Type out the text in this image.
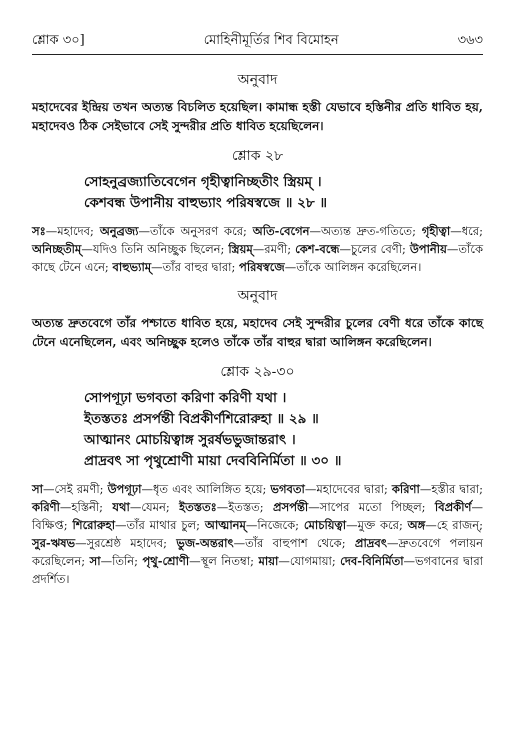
শ্লোক ৩০]	মোহিনীমূর্তির শিব বিমোহন	৩৬৩
অনুবাদ

মহাদেবের ইন্দ্রিয় তখন অত্যন্ত বিচলিত হয়েছিল। কামান্ধ হস্তী যেভাবে হস্তিনীর প্রতি ধাবিত হয়, মহাদেবও ঠিক সেইভাবে সেই সুন্দরীর প্রতি ধাবিত হয়েছিলেন।

শ্লোক ২৮
সোহনুব্রজ্যাতিবেগেন গৃহীত্বানিচ্ছতীং স্ত্রিয়ম্ ।
কেশবন্ধ উপানীয় বাহুভ্যাং পরিষস্বজে ॥ ২৮ ॥

সঃ—মহাদেব; অনুব্রজ্য—তাঁকে অনুসরণ করে; অতি-বেগেন—অত্যন্ত দ্রুত-গতিতে; গৃহীত্বা—ধরে; অনিচ্ছতীম্—যদিও তিনি অনিচ্ছুক ছিলেন; স্ত্রিয়ম্—রমণী; কেশ-বন্ধে—চুলের বেণী; উপানীয়—তাঁকে কাছে টেনে এনে; বাহুভ্যাম্—তাঁর বাহুর দ্বারা; পরিষস্বজে—তাঁকে আলিঙ্গন করেছিলেন।

অনুবাদ

অত্যন্ত দ্রুতবেগে তাঁর পশ্চাতে ধাবিত হয়ে, মহাদেব সেই সুন্দরীর চুলের বেণী ধরে তাঁকে কাছে টেনে এনেছিলেন, এবং অনিচ্ছুক হলেও তাঁকে তাঁর বাহুর দ্বারা আলিঙ্গন করেছিলেন।

শ্লোক ২৯-৩০
সোপগূঢ়া ভগবতা করিণা করিণী যথা ।
ইতস্ততঃ প্রসর্পন্তী বিপ্রকীর্ণশিরোরুহা ॥ ২৯ ॥
আত্মানং মোচয়িত্বাঙ্গ সুরর্ষভভুজান্তরাৎ ।
প্রাদ্রবৎ সা পৃথুশ্রোণী মায়া দেববিনির্মিতা ॥ ৩০ ॥

সা—সেই রমণী; উপগূঢ়া—ধৃত এবং আলিঙ্গিত হয়ে; ভগবতা—মহাদেবের দ্বারা; করিণা—হস্তীর দ্বারা; করিণী—হস্তিনী; যথা—যেমন; ইতস্ততঃ—ইতস্তত; প্রসর্পন্তী—সাপের মতো পিচ্ছল; বিপ্রকীর্ণ—বিক্ষিপ্ত; শিরোরুহা—তাঁর মাথার চুল; আত্মানম্—নিজেকে; মোচয়িত্বা—মুক্ত করে; অঙ্গ—হে রাজন্; সুর-ঋষভ—সুরশ্রেষ্ঠ মহাদেব; ভুজ-অন্তরাৎ—তাঁর বাহুপাশ থেকে; প্রাদ্রবৎ—দ্রুতবেগে পলায়ন করেছিলেন; সা—তিনি; পৃথু-শ্রোণী—স্থূল নিতম্বা; মায়া—যোগমায়া; দেব-বিনির্মিতা—ভগবানের দ্বারা প্রদর্শিত।
